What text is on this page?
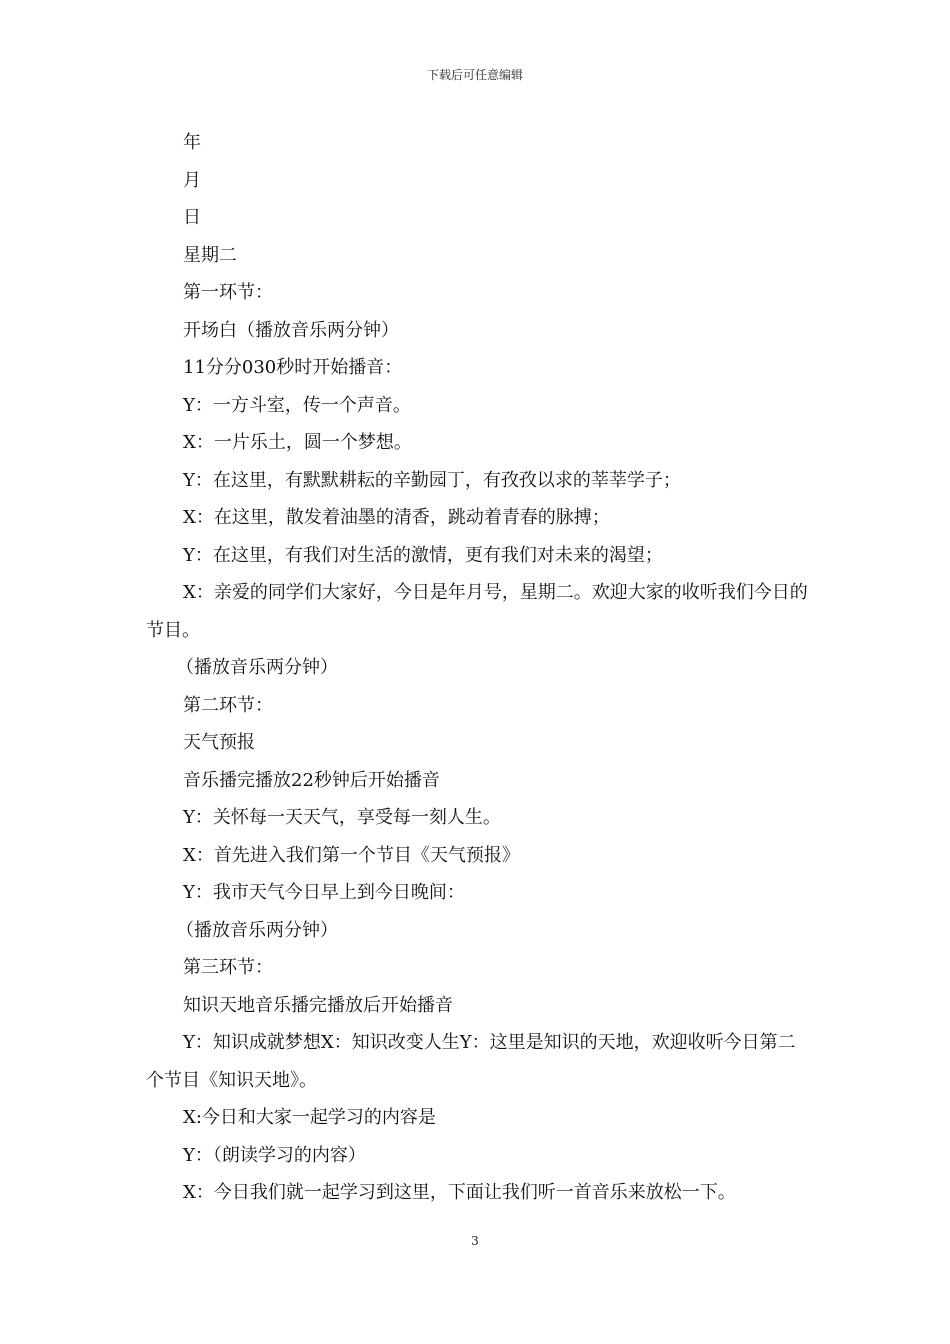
下载后可任意编辑
年
月
日
星期二
第一环节：
开场白（播放音乐两分钟）
11分分030秒时开始播音：
Y：一方斗室，传一个声音。
X：一片乐土，圆一个梦想。
Y：在这里，有默默耕耘的辛勤园丁，有孜孜以求的莘莘学子；
X：在这里，散发着油墨的清香，跳动着青春的脉搏；
Y：在这里，有我们对生活的激情，更有我们对未来的渴望；
X：亲爱的同学们大家好，今日是年月号，星期二。欢迎大家的收听我们今日的节目。
（播放音乐两分钟）
第二环节：
天气预报
音乐播完播放22秒钟后开始播音
Y：关怀每一天天气，享受每一刻人生。
X：首先进入我们第一个节目《天气预报》
Y：我市天气今日早上到今日晚间：
（播放音乐两分钟）
第三环节：
知识天地音乐播完播放后开始播音
Y：知识成就梦想X：知识改变人生Y：这里是知识的天地，欢迎收听今日第二个节目《知识天地》。
X:今日和大家一起学习的内容是
Y：（朗读学习的内容）
X：今日我们就一起学习到这里，下面让我们听一首音乐来放松一下。
3
